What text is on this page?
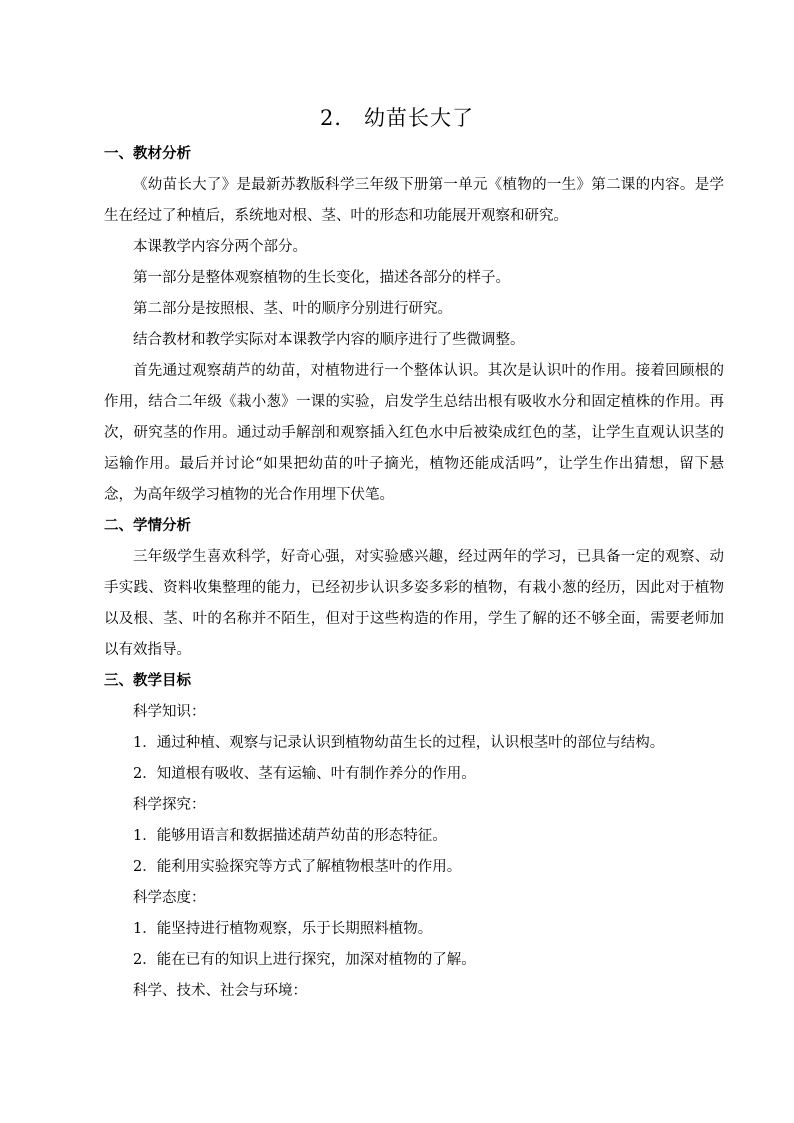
2． 幼苗长大了
一、教材分析
《幼苗长大了》是最新苏教版科学三年级下册第一单元《植物的一生》第二课的内容。是学生在经过了种植后，系统地对根、茎、叶的形态和功能展开观察和研究。
本课教学内容分两个部分。
第一部分是整体观察植物的生长变化，描述各部分的样子。
第二部分是按照根、茎、叶的顺序分别进行研究。
结合教材和教学实际对本课教学内容的顺序进行了些微调整。
首先通过观察葫芦的幼苗，对植物进行一个整体认识。其次是认识叶的作用。接着回顾根的作用，结合二年级《栽小葱》一课的实验，启发学生总结出根有吸收水分和固定植株的作用。再次，研究茎的作用。通过动手解剖和观察插入红色水中后被染成红色的茎，让学生直观认识茎的运输作用。最后并讨论“如果把幼苗的叶子摘光，植物还能成活吗”，让学生作出猜想，留下悬念，为高年级学习植物的光合作用埋下伏笔。
二、学情分析
三年级学生喜欢科学，好奇心强，对实验感兴趣，经过两年的学习，已具备一定的观察、动手实践、资料收集整理的能力，已经初步认识多姿多彩的植物，有栽小葱的经历，因此对于植物以及根、茎、叶的名称并不陌生，但对于这些构造的作用，学生了解的还不够全面，需要老师加以有效指导。
三、教学目标
科学知识：
1．通过种植、观察与记录认识到植物幼苗生长的过程，认识根茎叶的部位与结构。
2．知道根有吸收、茎有运输、叶有制作养分的作用。
科学探究：
1．能够用语言和数据描述葫芦幼苗的形态特征。
2．能利用实验探究等方式了解植物根茎叶的作用。
科学态度：
1．能坚持进行植物观察，乐于长期照料植物。
2．能在已有的知识上进行探究，加深对植物的了解。
科学、技术、社会与环境：
